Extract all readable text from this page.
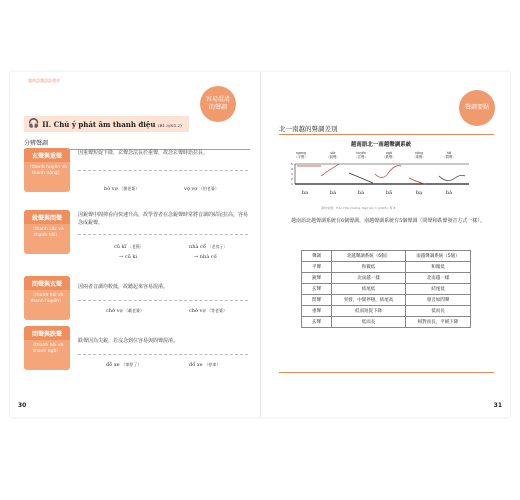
越南語越語語發音
容易混淆
的聲調
🎧 II. Chú ý phát âm thanh điệu (R1.3/N1.2)
分辨聲調
玄聲與重聲
（thanh huyền và
thanh nặng）
因重聲短促下降，玄聲念法長於重聲，故念玄聲時語拉長。
bò vợ （撲老婆）	vợ vợ （怕老婆）
銳聲與問聲
（thanh sắc và
thanh hỏi）
因銳聲中間抑看向快速升高，故學習者在念銳聲時常將音調的結尾拉高，容易念成銳聲。
cũ kĩ 〔老舊〕	nhà cổ 〔老房子〕
→ cũ ki	→ nhà cố
問聲與玄聲
（thanh hỏi và
thanh huyền）
因兩者音調均較低，故聽起來容易混淆。
chờ vợ （載老婆）	chở vợ （等老婆）
問聲與跌聲
（thanh hỏi và
thanh ngã）
跌聲因為尖銳，若沒念到位容易與問聲混淆。
đỗ xe （車停了）	đổ xe （停車）
30
聲調要點
北一南越的聲調差別
越南語北一南越聲調系統
ngang
（平聲）
sắc
（銳聲）
huyền
（玄聲）
ngã
（跌聲）
nặng
（重聲）
hỏi
（問聲）
5
4
3
2
1
ba	bá	bà	bã	bạ	bả
資料來源：Trần Hữu Dương, Ngữ âm 3 (2005), 頁 8
越南語北越聲調系統有6個聲調，南越聲調系統有5個聲調（問聲和跌聲發音方式一樣）。
聲調	北越聲調系統（6個）	南越聲調系統（5個）
平聲	和微低	和微低
銳聲	北南越一樣	北南越一樣
玄聲	結尾低	結尾低
問聲	突發，中間停頓，結尾高	發音如問聲
重聲	低而短促下降	低而長
玄聲	低而長	相對而長，平緩下降
31
